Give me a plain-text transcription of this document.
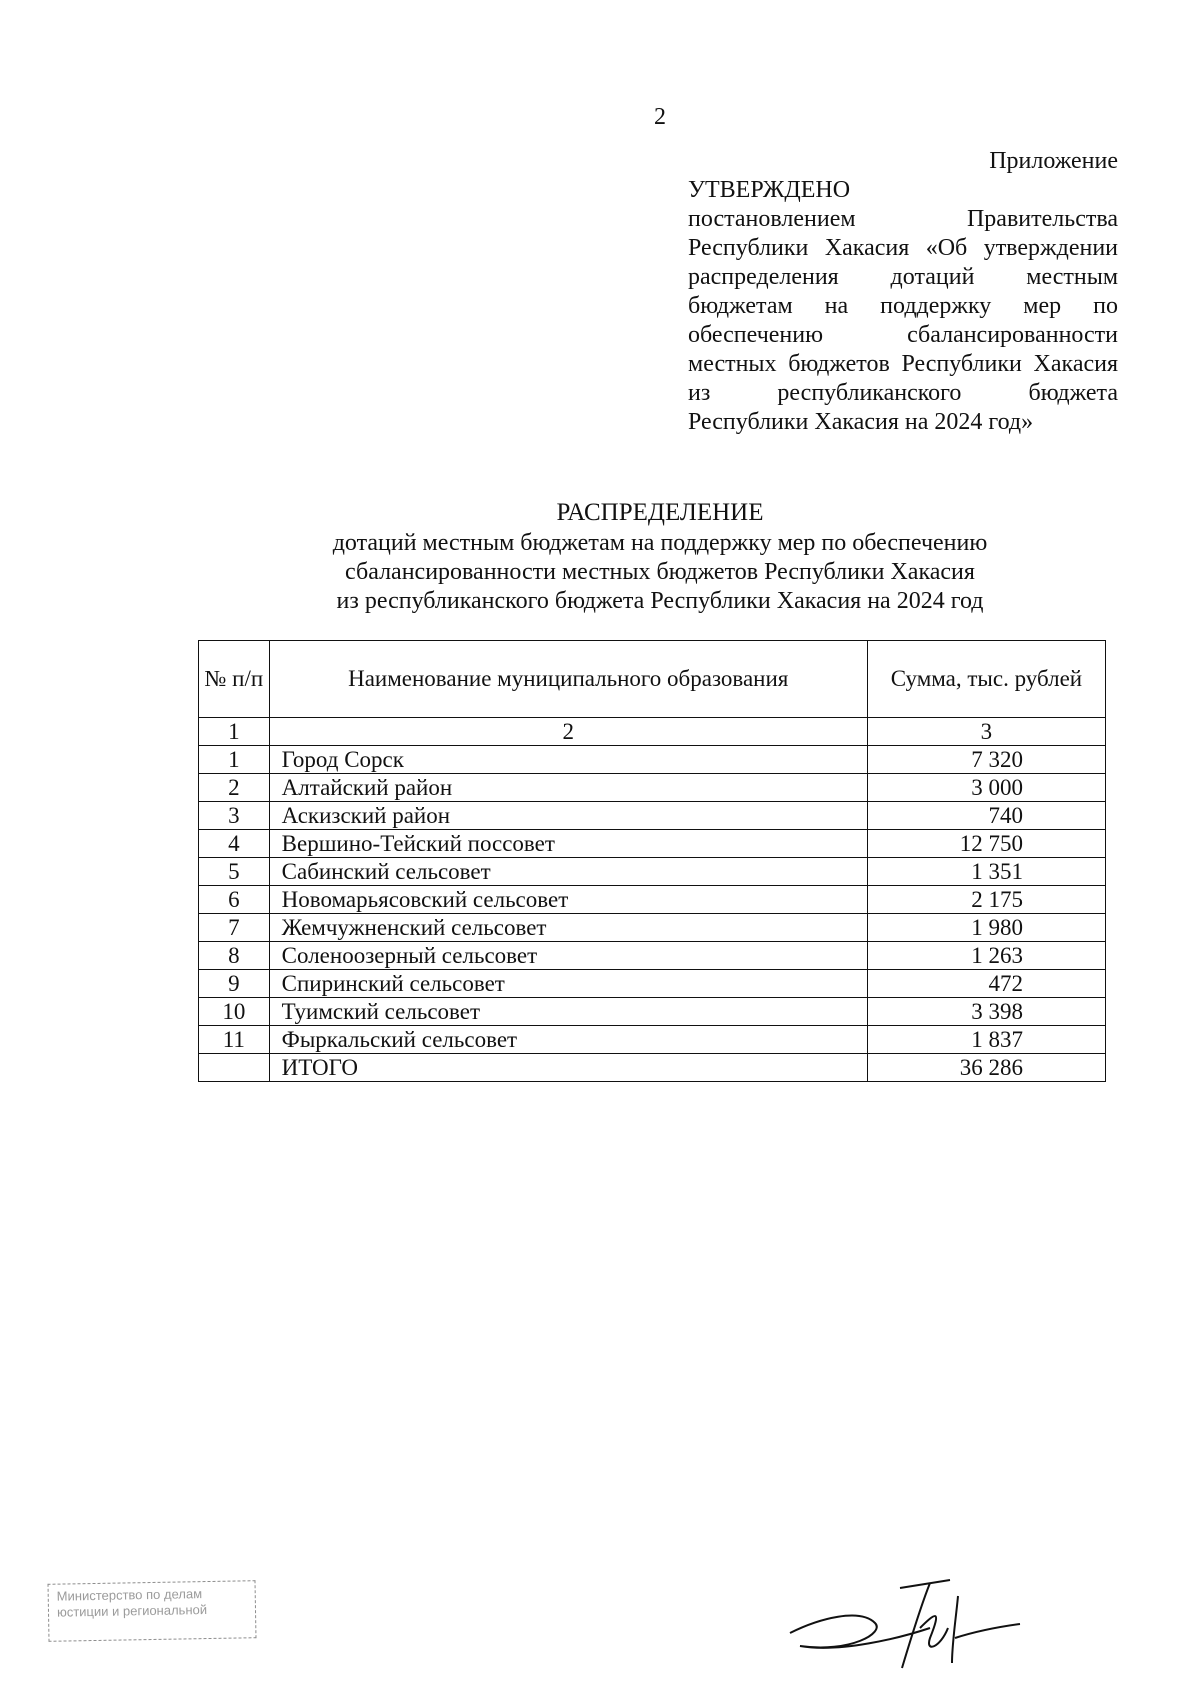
2
Приложение
УТВЕРЖДЕНО
постановлением Правительства Республики Хакасия «Об утверждении распределения дотаций местным бюджетам на поддержку мер по обеспечению сбалансированности местных бюджетов Республики Хакасия из республиканского бюджета Республики Хакасия на 2024 год»
РАСПРЕДЕЛЕНИЕ
дотаций местным бюджетам на поддержку мер по обеспечению
сбалансированности местных бюджетов Республики Хакасия
из республиканского бюджета Республики Хакасия на 2024 год
№ п/п	Наименование муниципального образования	Сумма, тыс. рублей
1	2	3
1	Город Сорск	7 320
2	Алтайский район	3 000
3	Аскизский район	740
4	Вершино-Тейский поссовет	12 750
5	Сабинский сельсовет	1 351
6	Новомарьясовский сельсовет	2 175
7	Жемчужненский сельсовет	1 980
8	Соленоозерный сельсовет	1 263
9	Спиринский сельсовет	472
10	Туимский сельсовет	3 398
11	Фыркальский сельсовет	1 837
	ИТОГО	36 286
Министерство по делам
юстиции и региональной
